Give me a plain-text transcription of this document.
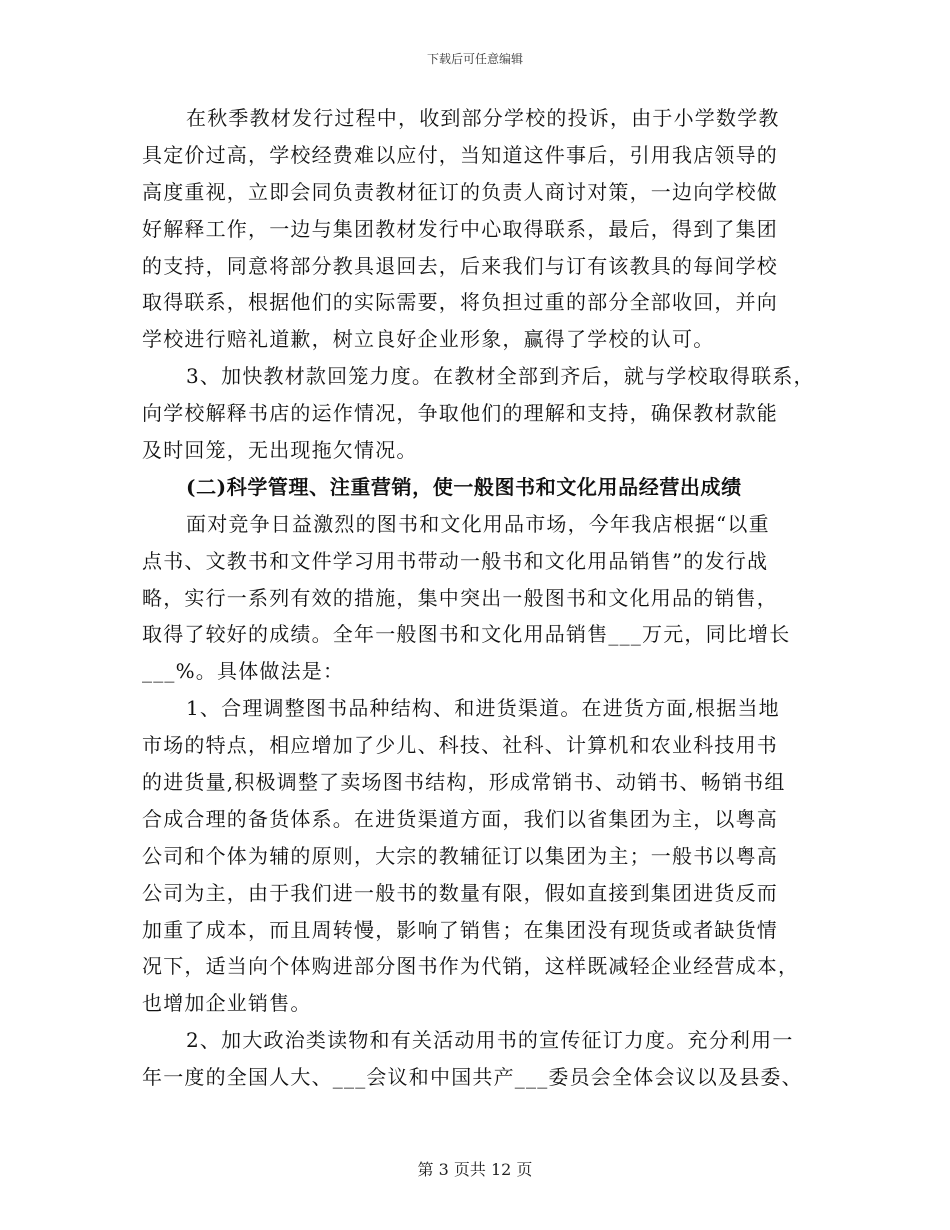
下载后可任意编辑
在秋季教材发行过程中，收到部分学校的投诉，由于小学数学教
具定价过高，学校经费难以应付，当知道这件事后，引用我店领导的
高度重视，立即会同负责教材征订的负责人商讨对策，一边向学校做
好解释工作，一边与集团教材发行中心取得联系，最后，得到了集团
的支持，同意将部分教具退回去，后来我们与订有该教具的每间学校
取得联系，根据他们的实际需要，将负担过重的部分全部收回，并向
学校进行赔礼道歉，树立良好企业形象，赢得了学校的认可。
3、加快教材款回笼力度。在教材全部到齐后，就与学校取得联系，
向学校解释书店的运作情况，争取他们的理解和支持，确保教材款能
及时回笼，无出现拖欠情况。
(二)科学管理、注重营销，使一般图书和文化用品经营出成绩
面对竞争日益激烈的图书和文化用品市场，今年我店根据“以重
点书、文教书和文件学习用书带动一般书和文化用品销售”的发行战
略，实行一系列有效的措施，集中突出一般图书和文化用品的销售，
取得了较好的成绩。全年一般图书和文化用品销售___万元，同比增长
___%。具体做法是：
1、合理调整图书品种结构、和进货渠道。在进货方面,根据当地
市场的特点，相应增加了少儿、科技、社科、计算机和农业科技用书
的进货量,积极调整了卖场图书结构，形成常销书、动销书、畅销书组
合成合理的备货体系。在进货渠道方面，我们以省集团为主，以粤高
公司和个体为辅的原则，大宗的教辅征订以集团为主；一般书以粤高
公司为主，由于我们进一般书的数量有限，假如直接到集团进货反而
加重了成本，而且周转慢，影响了销售；在集团没有现货或者缺货情
况下，适当向个体购进部分图书作为代销，这样既减轻企业经营成本，
也增加企业销售。
2、加大政治类读物和有关活动用书的宣传征订力度。充分利用一
年一度的全国人大、___会议和中国共产___委员会全体会议以及县委、
第 3 页共 12 页
